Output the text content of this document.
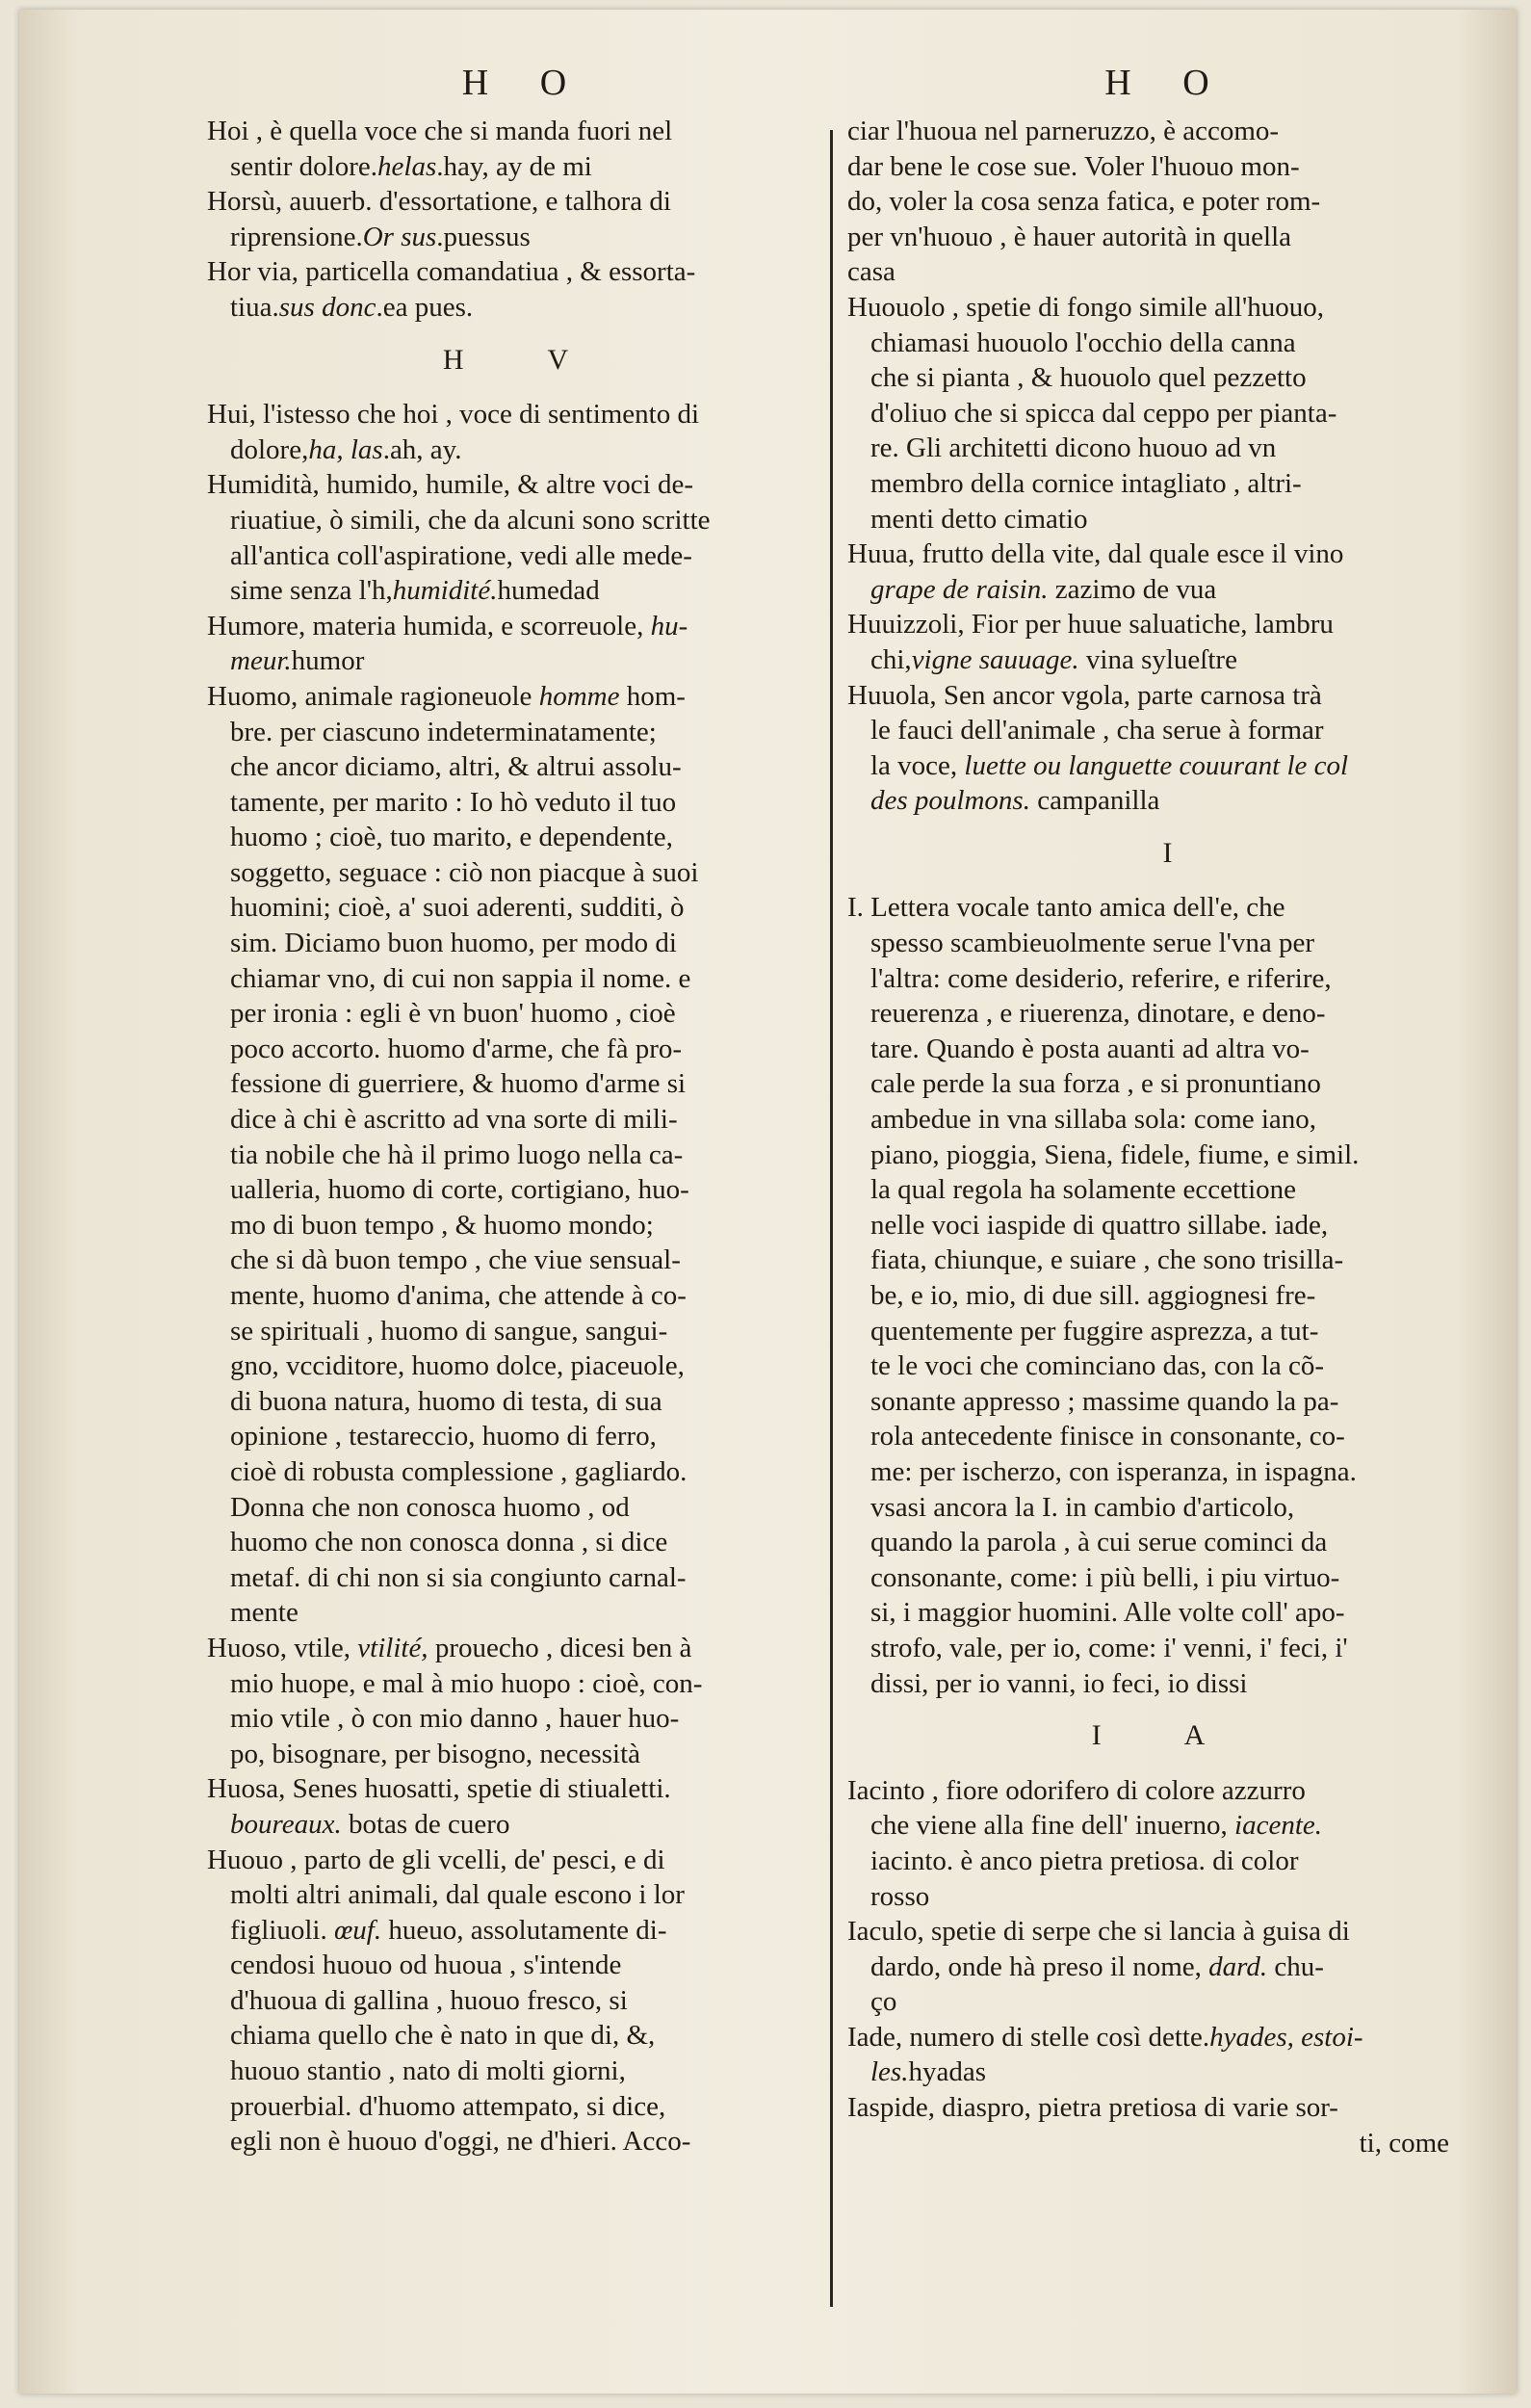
H O
Hoi , è quella voce che si manda fuori nel
sentir dolore.helas.hay, ay de mi
Horsù, auuerb. d'essortatione, e talhora di
riprensione.Or sus.puessus
Hor via, particella comandatiua , & essorta-
tiua.sus donc.ea pues.
H V
Hui, l'istesso che hoi , voce di sentimento di
dolore,ha, las.ah, ay.
Humidità, humido, humile, & altre voci de-
riuatiue, ò simili, che da alcuni sono scritte
all'antica coll'aspiratione, vedi alle mede-
sime senza l'h,humidité.humedad
Humore, materia humida, e scorreuole, hu-
meur.humor
Huomo, animale ragioneuole homme hom-
bre. per ciascuno indeterminatamente;
che ancor diciamo, altri, & altrui assolu-
tamente, per marito : Io hò veduto il tuo
huomo ; cioè, tuo marito, e dependente,
soggetto, seguace : ciò non piacque à suoi
huomini; cioè, a' suoi aderenti, sudditi, ò
sim. Diciamo buon huomo, per modo di
chiamar vno, di cui non sappia il nome. e
per ironia : egli è vn buon' huomo , cioè
poco accorto. huomo d'arme, che fà pro-
fessione di guerriere, & huomo d'arme si
dice à chi è ascritto ad vna sorte di mili-
tia nobile che hà il primo luogo nella ca-
ualleria, huomo di corte, cortigiano, huo-
mo di buon tempo , & huomo mondo;
che si dà buon tempo , che viue sensual-
mente, huomo d'anima, che attende à co-
se spirituali , huomo di sangue, sangui-
gno, vcciditore, huomo dolce, piaceuole,
di buona natura, huomo di testa, di sua
opinione , testareccio, huomo di ferro,
cioè di robusta complessione , gagliardo.
Donna che non conosca huomo , od
huomo che non conosca donna , si dice
metaf. di chi non si sia congiunto carnal-
mente
Huoso, vtile, vtilité, prouecho , dicesi ben à
mio huope, e mal à mio huopo : cioè, con-
mio vtile , ò con mio danno , hauer huo-
po, bisognare, per bisogno, necessità
Huosa, Senes huosatti, spetie di stiualetti.
boureaux. botas de cuero
Huouo , parto de gli vcelli, de' pesci, e di
molti altri animali, dal quale escono i lor
figliuoli. œuf. hueuo, assolutamente di-
cendosi huouo od huoua , s'intende
d'huoua di gallina , huouo fresco, si
chiama quello che è nato in que di, &,
huouo stantio , nato di molti giorni,
prouerbial. d'huomo attempato, si dice,
egli non è huouo d'oggi, ne d'hieri. Acco-
H O
ciar l'huoua nel parneruzzo, è accomo-
dar bene le cose sue. Voler l'huouo mon-
do, voler la cosa senza fatica, e poter rom-
per vn'huouo , è hauer autorità in quella
casa
Huouolo , spetie di fongo simile all'huouo,
chiamasi huouolo l'occhio della canna
che si pianta , & huouolo quel pezzetto
d'oliuo che si spicca dal ceppo per pianta-
re. Gli architetti dicono huouo ad vn
membro della cornice intagliato , altri-
menti detto cimatio
Huua, frutto della vite, dal quale esce il vino
grape de raisin. zazimo de vua
Huuizzoli, Fior per huue saluatiche, lambru
chi,vigne sauuage. vina sylueſtre
Huuola, Sen ancor vgola, parte carnosa trà
le fauci dell'animale , cha serue à formar
la voce, luette ou languette couurant le col
des poulmons. campanilla
I
I. Lettera vocale tanto amica dell'e, che
spesso scambieuolmente serue l'vna per
l'altra: come desiderio, referire, e riferire,
reuerenza , e riuerenza, dinotare, e deno-
tare. Quando è posta auanti ad altra vo-
cale perde la sua forza , e si pronuntiano
ambedue in vna sillaba sola: come iano,
piano, pioggia, Siena, fidele, fiume, e simil.
la qual regola ha solamente eccettione
nelle voci iaspide di quattro sillabe. iade,
fiata, chiunque, e suiare , che sono trisilla-
be, e io, mio, di due sill. aggiognesi fre-
quentemente per fuggire asprezza, a tut-
te le voci che cominciano das, con la cõ-
sonante appresso ; massime quando la pa-
rola antecedente finisce in consonante, co-
me: per ischerzo, con isperanza, in ispagna.
vsasi ancora la I. in cambio d'articolo,
quando la parola , à cui serue cominci da
consonante, come: i più belli, i piu virtuo-
si, i maggior huomini. Alle volte coll' apo-
strofo, vale, per io, come: i' venni, i' feci, i'
dissi, per io vanni, io feci, io dissi
I A
Iacinto , fiore odorifero di colore azzurro
che viene alla fine dell' inuerno, iacente.
iacinto. è anco pietra pretiosa. di color
rosso
Iaculo, spetie di serpe che si lancia à guisa di
dardo, onde hà preso il nome, dard. chu-
ço
Iade, numero di stelle così dette.hyades, estoi-
les.hyadas
Iaspide, diaspro, pietra pretiosa di varie sor-
ti, come
